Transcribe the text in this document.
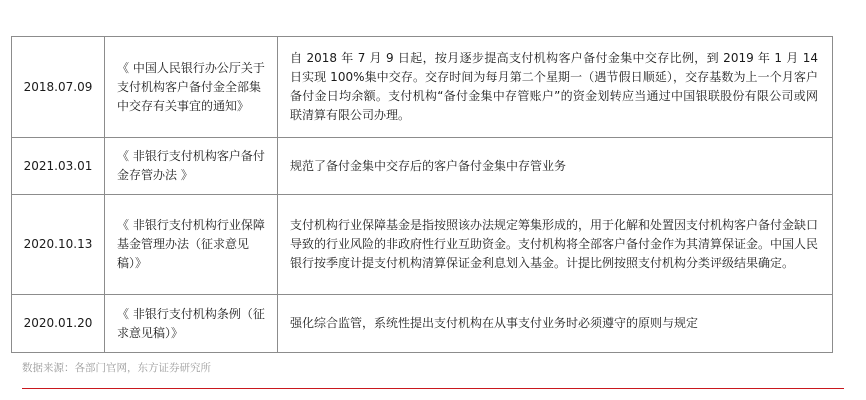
2018.07.09	《 中国人民银行办公厅关于支付机构客户备付金全部集中交存有关事宜的通知》	自 2018 年 7 月 9 日起，按月逐步提高支付机构客户备付金集中交存比例，到 2019 年 1 月 14 日实现 100%集中交存。交存时间为每月第二个星期一（遇节假日顺延），交存基数为上一个月客户备付金日均余额。支付机构“备付金集中存管账户”的资金划转应当通过中国银联股份有限公司或网联清算有限公司办理。
2021.03.01	《 非银行支付机构客户备付金存管办法 》	规范了备付金集中交存后的客户备付金集中存管业务
2020.10.13	《 非银行支付机构行业保障基金管理办法（征求意见稿）》	支付机构行业保障基金是指按照该办法规定筹集形成的，用于化解和处置因支付机构客户备付金缺口导致的行业风险的非政府性行业互助资金。支付机构将全部客户备付金作为其清算保证金。中国人民银行按季度计提支付机构清算保证金利息划入基金。计提比例按照支付机构分类评级结果确定。
2020.01.20	《 非银行支付机构条例（征求意见稿）》	强化综合监管，系统性提出支付机构在从事支付业务时必须遵守的原则与规定
数据来源：各部门官网，东方证券研究所
